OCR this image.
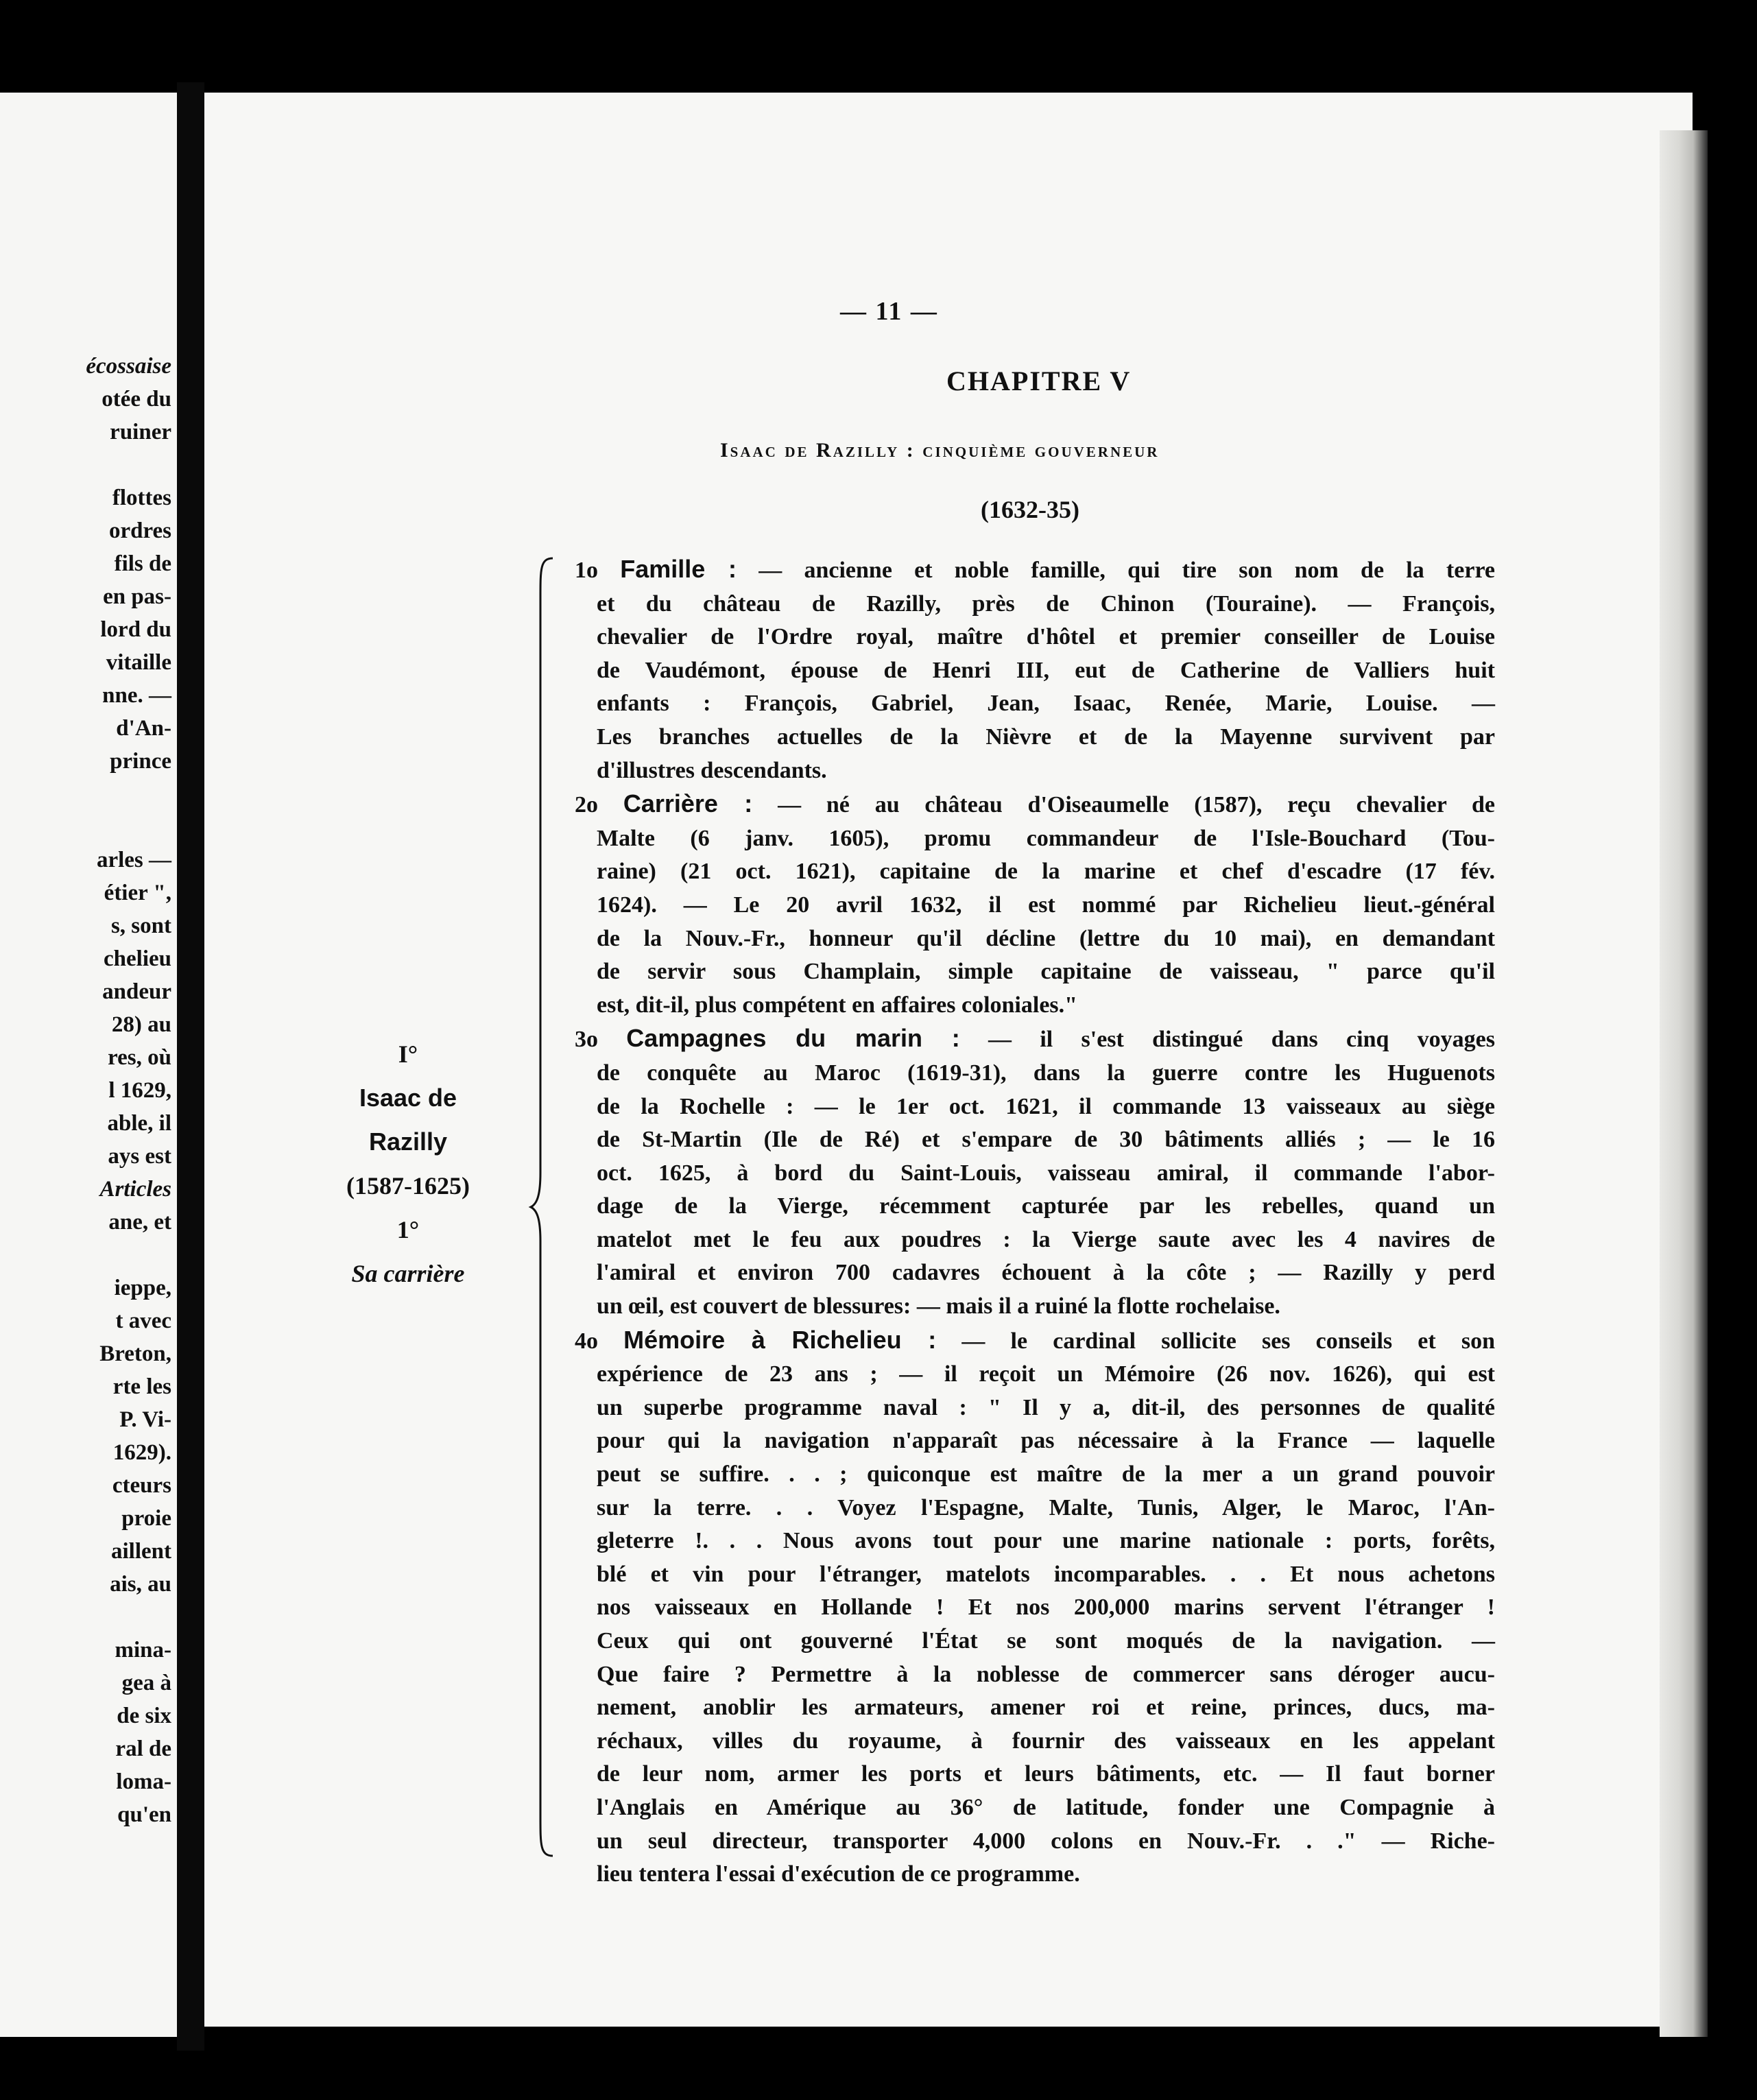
écossaise
otée du
ruiner
flottes
ordres
fils de
en pas-
lord du
vitaille
nne. —
d'An-
prince
arles —
étier ",
s, sont
chelieu
andeur
28) au
res, où
l 1629,
able, il
ays est
Articles
ane, et
ieppe,
t avec
Breton,
rte les
P. Vi-
1629).
cteurs
proie
aillent
ais, au
mina-
gea à
de six
ral de
loma-
qu'en
— 11 —
CHAPITRE V
Isaac de Razilly : cinquième gouverneur
(1632-35)
I°
Isaac de
Razilly
(1587-1625)
1°
Sa carrière
1o Famille : — ancienne et noble famille, qui tire son nom de la terre
et du château de Razilly, près de Chinon (Touraine). — François,
chevalier de l'Ordre royal, maître d'hôtel et premier conseiller de Louise
de Vaudémont, épouse de Henri III, eut de Catherine de Valliers huit
enfants : François, Gabriel, Jean, Isaac, Renée, Marie, Louise. —
Les branches actuelles de la Nièvre et de la Mayenne survivent par
d'illustres descendants.
2o Carrière : — né au château d'Oiseaumelle (1587), reçu chevalier de
Malte (6 janv. 1605), promu commandeur de l'Isle-Bouchard (Tou-
raine) (21 oct. 1621), capitaine de la marine et chef d'escadre (17 fév.
1624). — Le 20 avril 1632, il est nommé par Richelieu lieut.-général
de la Nouv.-Fr., honneur qu'il décline (lettre du 10 mai), en demandant
de servir sous Champlain, simple capitaine de vaisseau, " parce qu'il
est, dit-il, plus compétent en affaires coloniales."
3o Campagnes du marin : — il s'est distingué dans cinq voyages
de conquête au Maroc (1619-31), dans la guerre contre les Huguenots
de la Rochelle : — le 1er oct. 1621, il commande 13 vaisseaux au siège
de St-Martin (Ile de Ré) et s'empare de 30 bâtiments alliés ; — le 16
oct. 1625, à bord du Saint-Louis, vaisseau amiral, il commande l'abor-
dage de la Vierge, récemment capturée par les rebelles, quand un
matelot met le feu aux poudres : la Vierge saute avec les 4 navires de
l'amiral et environ 700 cadavres échouent à la côte ; — Razilly y perd
un œil, est couvert de blessures: — mais il a ruiné la flotte rochelaise.
4o Mémoire à Richelieu : — le cardinal sollicite ses conseils et son
expérience de 23 ans ; — il reçoit un Mémoire (26 nov. 1626), qui est
un superbe programme naval : " Il y a, dit-il, des personnes de qualité
pour qui la navigation n'apparaît pas nécessaire à la France — laquelle
peut se suffire. . . ; quiconque est maître de la mer a un grand pouvoir
sur la terre. . . Voyez l'Espagne, Malte, Tunis, Alger, le Maroc, l'An-
gleterre !. . . Nous avons tout pour une marine nationale : ports, forêts,
blé et vin pour l'étranger, matelots incomparables. . . Et nous achetons
nos vaisseaux en Hollande ! Et nos 200,000 marins servent l'étranger !
Ceux qui ont gouverné l'État se sont moqués de la navigation. —
Que faire ? Permettre à la noblesse de commercer sans déroger aucu-
nement, anoblir les armateurs, amener roi et reine, princes, ducs, ma-
réchaux, villes du royaume, à fournir des vaisseaux en les appelant
de leur nom, armer les ports et leurs bâtiments, etc. — Il faut borner
l'Anglais en Amérique au 36° de latitude, fonder une Compagnie à
un seul directeur, transporter 4,000 colons en Nouv.-Fr. . ." — Riche-
lieu tentera l'essai d'exécution de ce programme.
